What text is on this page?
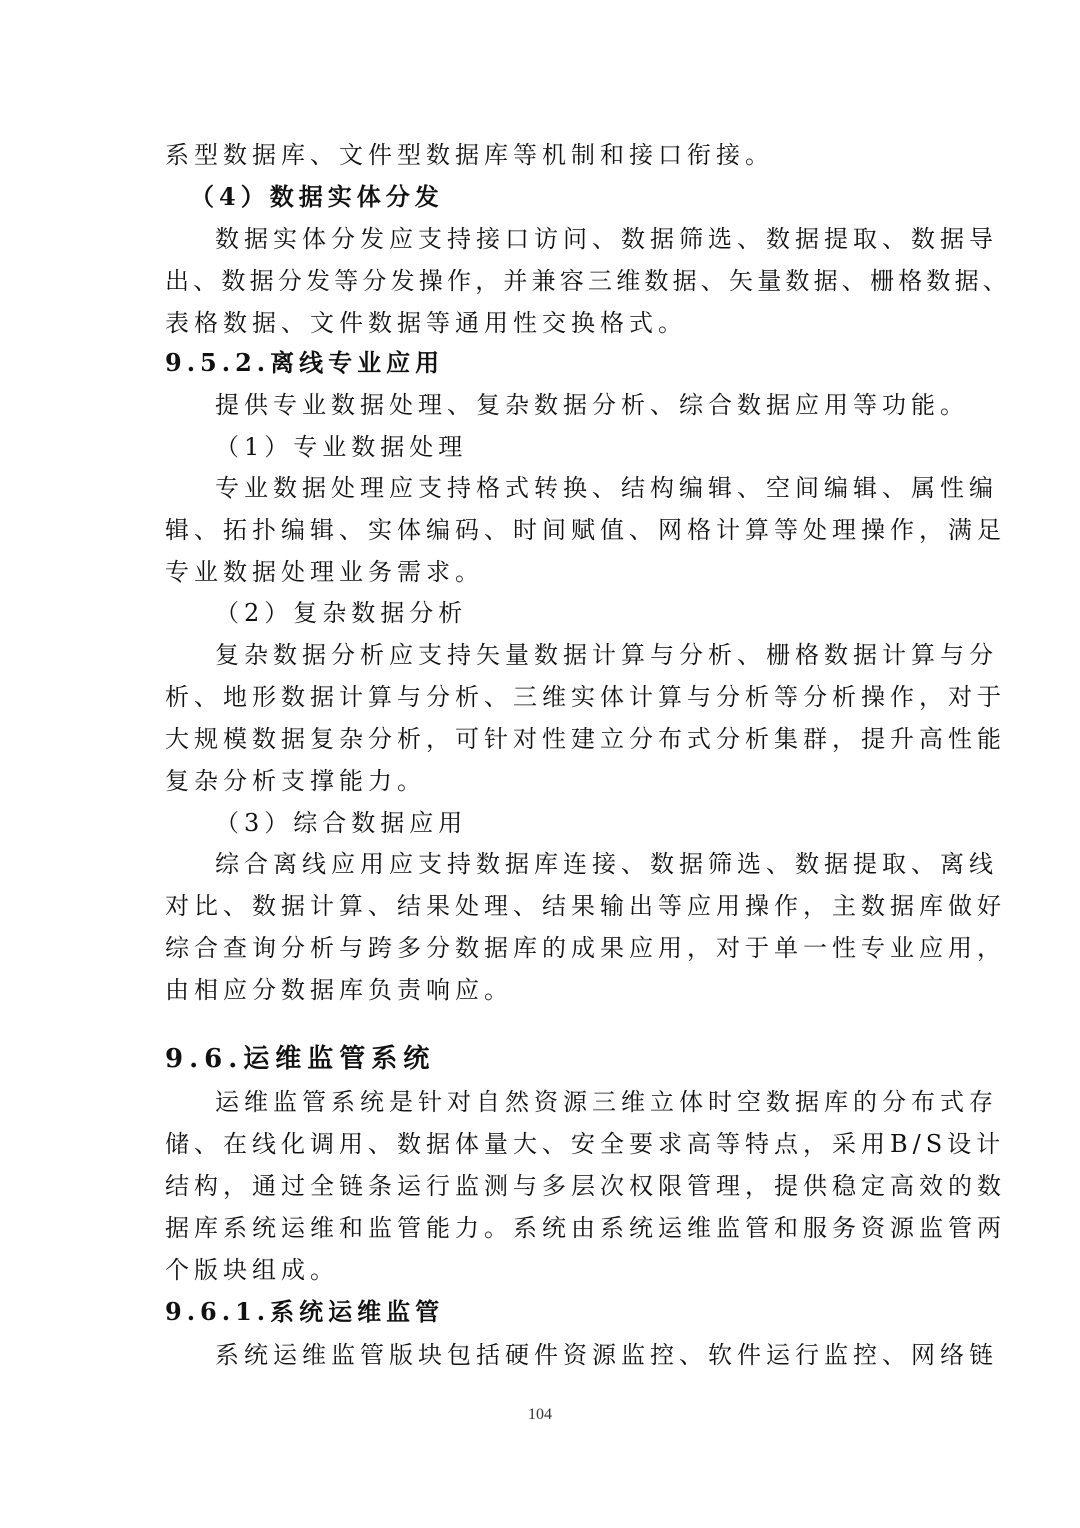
系型数据库、文件型数据库等机制和接口衔接。
（4）数据实体分发
数据实体分发应支持接口访问、数据筛选、数据提取、数据导
出、数据分发等分发操作，并兼容三维数据、矢量数据、栅格数据、
表格数据、文件数据等通用性交换格式。
9.5.2.离线专业应用
提供专业数据处理、复杂数据分析、综合数据应用等功能。
（1）专业数据处理
专业数据处理应支持格式转换、结构编辑、空间编辑、属性编
辑、拓扑编辑、实体编码、时间赋值、网格计算等处理操作，满足
专业数据处理业务需求。
（2）复杂数据分析
复杂数据分析应支持矢量数据计算与分析、栅格数据计算与分
析、地形数据计算与分析、三维实体计算与分析等分析操作，对于
大规模数据复杂分析，可针对性建立分布式分析集群，提升高性能
复杂分析支撑能力。
（3）综合数据应用
综合离线应用应支持数据库连接、数据筛选、数据提取、离线
对比、数据计算、结果处理、结果输出等应用操作，主数据库做好
综合查询分析与跨多分数据库的成果应用，对于单一性专业应用，
由相应分数据库负责响应。
9.6.运维监管系统
运维监管系统是针对自然资源三维立体时空数据库的分布式存
储、在线化调用、数据体量大、安全要求高等特点，采用B/S设计
结构，通过全链条运行监测与多层次权限管理，提供稳定高效的数
据库系统运维和监管能力。系统由系统运维监管和服务资源监管两
个版块组成。
9.6.1.系统运维监管
系统运维监管版块包括硬件资源监控、软件运行监控、网络链
104
